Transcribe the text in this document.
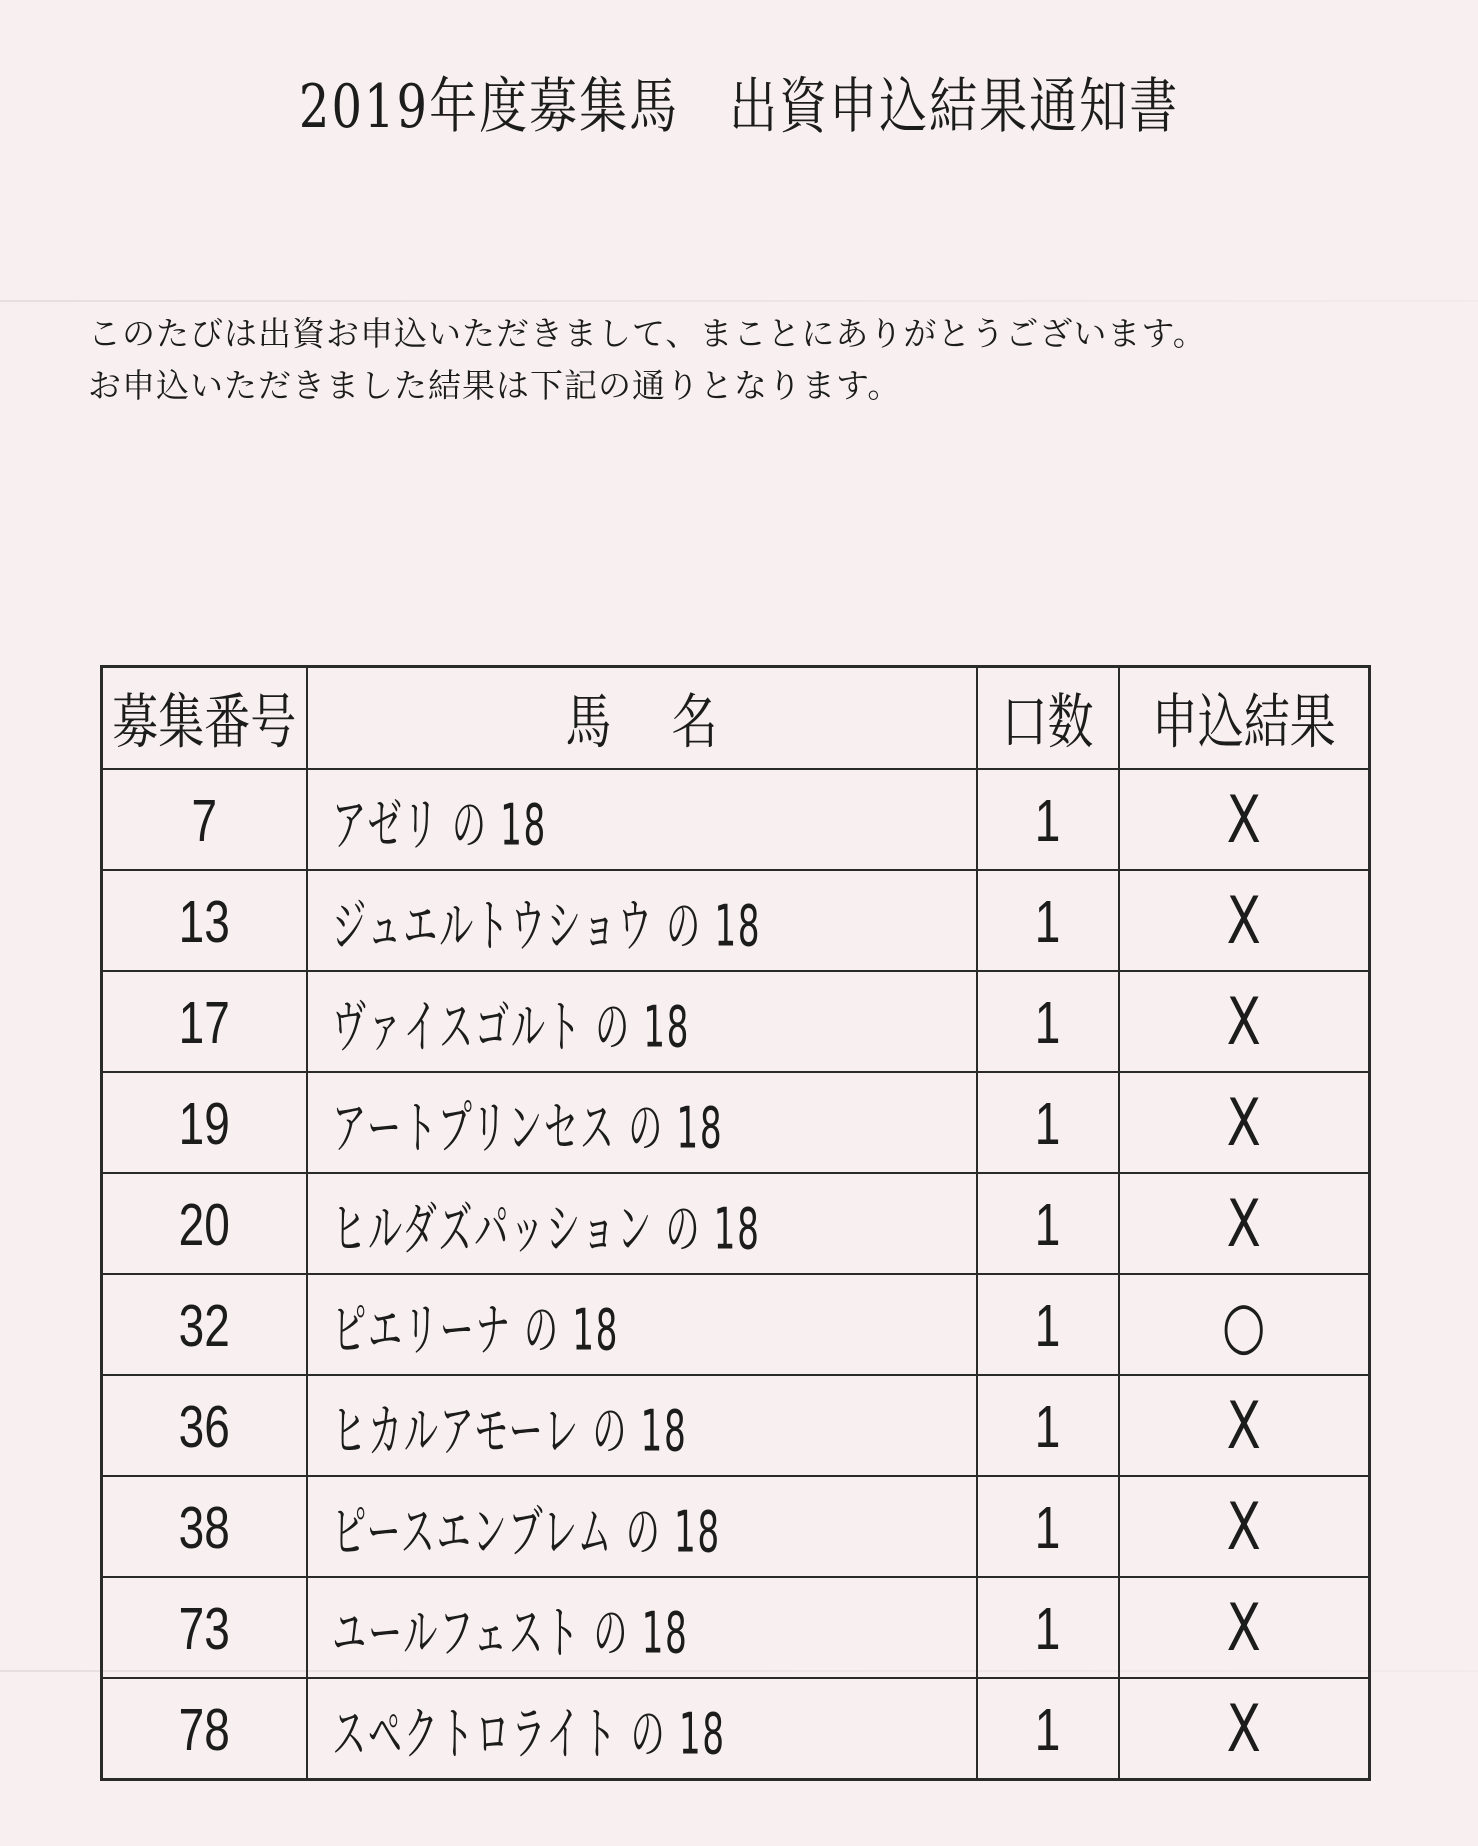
2019年度募集馬　出資申込結果通知書
このたびは出資お申込いただきまして、まことにありがとうございます。
お申込いただきました結果は下記の通りとなります。
募集番号	馬名	口数	申込結果
7	アゼリ の 18	1	X
13	ジュエルトウショウ の 18	1	X
17	ヴァイスゴルト の 18	1	X
19	アートプリンセス の 18	1	X
20	ヒルダズパッション の 18	1	X
32	ピエリーナ の 18	1	○
36	ヒカルアモーレ の 18	1	X
38	ピースエンブレム の 18	1	X
73	ユールフェスト の 18	1	X
78	スペクトロライト の 18	1	X
